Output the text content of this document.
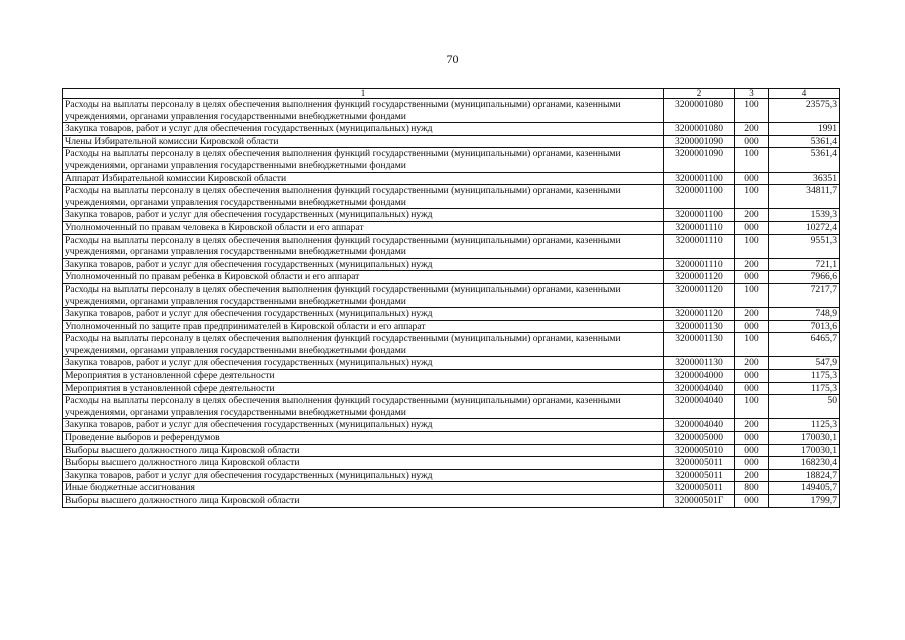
70
1	2	3	4
Расходы на выплаты персоналу в целях обеспечения выполнения функций государственными (муниципальными) органами, казенными учреждениями, органами управления государственными внебюджетными фондами	3200001080	100	23575,3
Закупка товаров, работ и услуг для обеспечения государственных (муниципальных) нужд	3200001080	200	1991
Члены Избирательной комиссии Кировской области	3200001090	000	5361,4
Расходы на выплаты персоналу в целях обеспечения выполнения функций государственными (муниципальными) органами, казенными учреждениями, органами управления государственными внебюджетными фондами	3200001090	100	5361,4
Аппарат Избирательной комиссии Кировской области	3200001100	000	36351
Расходы на выплаты персоналу в целях обеспечения выполнения функций государственными (муниципальными) органами, казенными учреждениями, органами управления государственными внебюджетными фондами	3200001100	100	34811,7
Закупка товаров, работ и услуг для обеспечения государственных (муниципальных) нужд	3200001100	200	1539,3
Уполномоченный по правам человека в Кировской области и его аппарат	3200001110	000	10272,4
Расходы на выплаты персоналу в целях обеспечения выполнения функций государственными (муниципальными) органами, казенными учреждениями, органами управления государственными внебюджетными фондами	3200001110	100	9551,3
Закупка товаров, работ и услуг для обеспечения государственных (муниципальных) нужд	3200001110	200	721,1
Уполномоченный по правам ребенка в Кировской области и его аппарат	3200001120	000	7966,6
Расходы на выплаты персоналу в целях обеспечения выполнения функций государственными (муниципальными) органами, казенными учреждениями, органами управления государственными внебюджетными фондами	3200001120	100	7217,7
Закупка товаров, работ и услуг для обеспечения государственных (муниципальных) нужд	3200001120	200	748,9
Уполномоченный по защите прав предпринимателей в Кировской области и его аппарат	3200001130	000	7013,6
Расходы на выплаты персоналу в целях обеспечения выполнения функций государственными (муниципальными) органами, казенными учреждениями, органами управления государственными внебюджетными фондами	3200001130	100	6465,7
Закупка товаров, работ и услуг для обеспечения государственных (муниципальных) нужд	3200001130	200	547,9
Мероприятия в установленной сфере деятельности	3200004000	000	1175,3
Мероприятия в установленной сфере деятельности	3200004040	000	1175,3
Расходы на выплаты персоналу в целях обеспечения выполнения функций государственными (муниципальными) органами, казенными учреждениями, органами управления государственными внебюджетными фондами	3200004040	100	50
Закупка товаров, работ и услуг для обеспечения государственных (муниципальных) нужд	3200004040	200	1125,3
Проведение выборов и референдумов	3200005000	000	170030,1
Выборы высшего должностного лица Кировской области	3200005010	000	170030,1
Выборы высшего должностного лица Кировской области	3200005011	000	168230,4
Закупка товаров, работ и услуг для обеспечения государственных (муниципальных) нужд	3200005011	200	18824,7
Иные бюджетные ассигнования	3200005011	800	149405,7
Выборы высшего должностного лица Кировской области	320000501Г	000	1799,7
